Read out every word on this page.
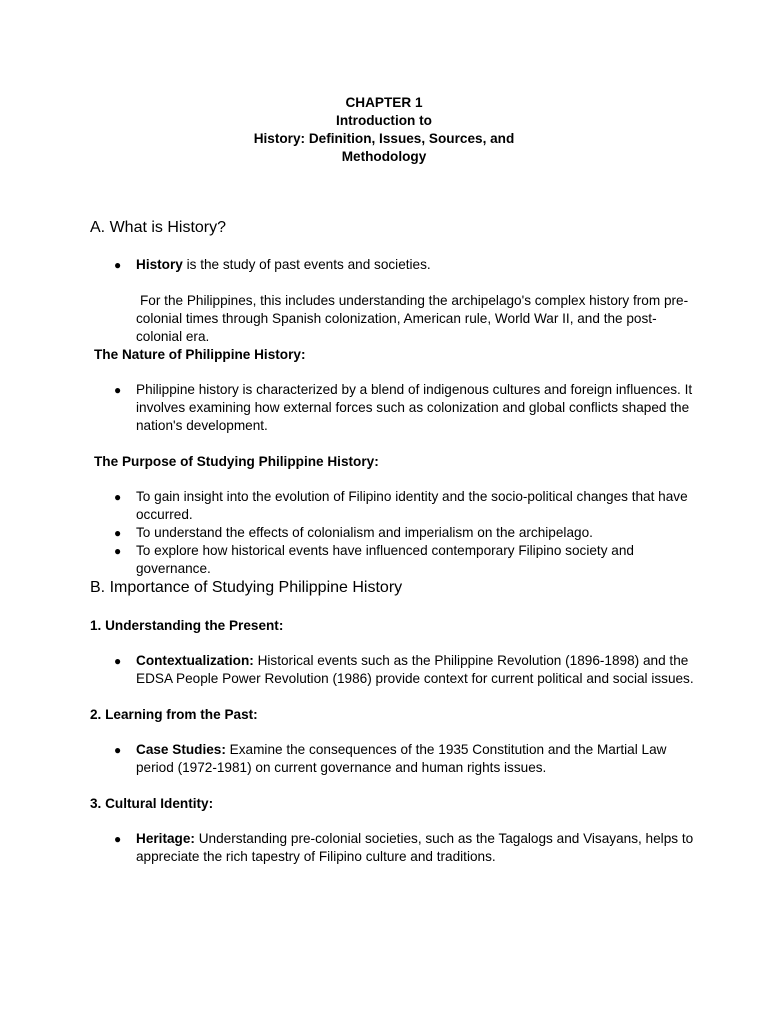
CHAPTER 1
Introduction to
History: Definition, Issues, Sources, and
Methodology
A. What is History?
● History is the study of past events and societies.
For the Philippines, this includes understanding the archipelago's complex history from pre-colonial times through Spanish colonization, American rule, World War II, and the post-colonial era.
The Nature of Philippine History:
● Philippine history is characterized by a blend of indigenous cultures and foreign influences. It involves examining how external forces such as colonization and global conflicts shaped the nation's development.
The Purpose of Studying Philippine History:
● To gain insight into the evolution of Filipino identity and the socio-political changes that have occurred.
● To understand the effects of colonialism and imperialism on the archipelago.
● To explore how historical events have influenced contemporary Filipino society and governance.
B. Importance of Studying Philippine History
1. Understanding the Present:
● Contextualization: Historical events such as the Philippine Revolution (1896-1898) and the EDSA People Power Revolution (1986) provide context for current political and social issues.
2. Learning from the Past:
● Case Studies: Examine the consequences of the 1935 Constitution and the Martial Law period (1972-1981) on current governance and human rights issues.
3. Cultural Identity:
● Heritage: Understanding pre-colonial societies, such as the Tagalogs and Visayans, helps to appreciate the rich tapestry of Filipino culture and traditions.
